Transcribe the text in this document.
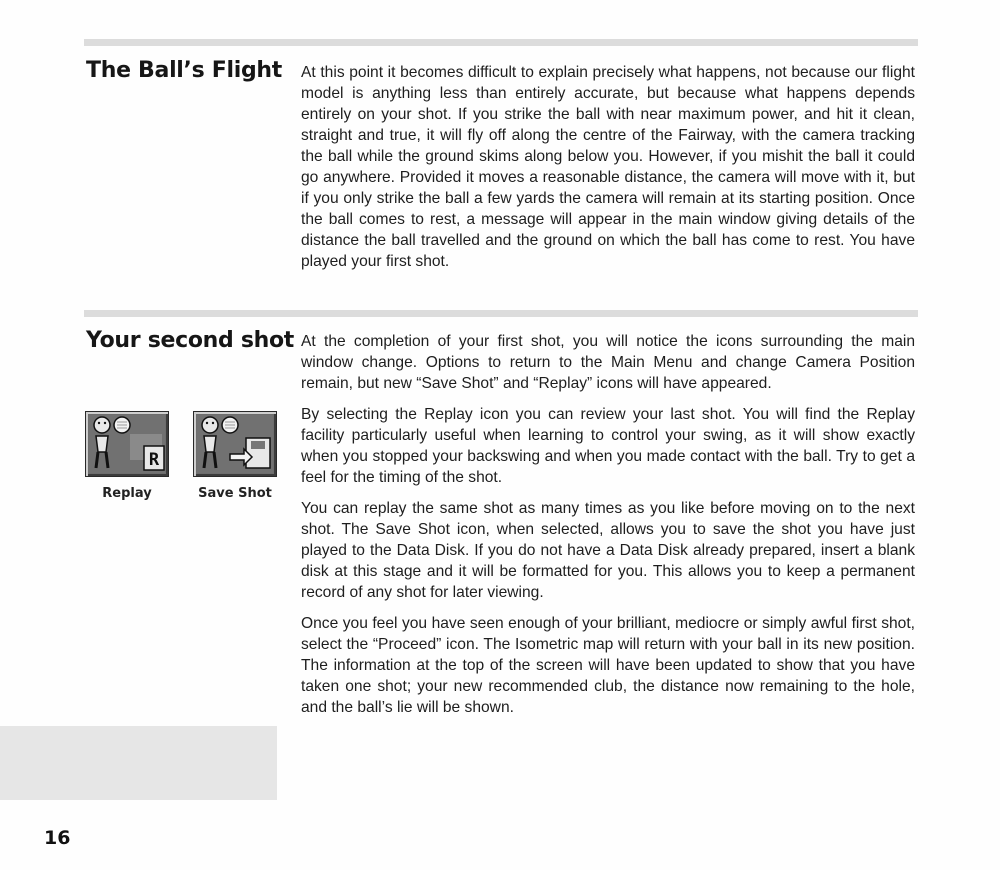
The Ball’s Flight At this point it becomes difficult to explain precisely what happens, not because our flight model is anything less than entirely accurate, but because what happens depends entirely on your shot. If you strike the ball with near maximum power, and hit it clean, straight and true, it will fly off along the centre of the Fairway, with the camera tracking the ball while the ground skims along below you. However, if you mishit the ball it could go anywhere. Provided it moves a reasonable distance, the camera will move with it, but if you only strike the ball a few yards the camera will remain at its starting position. Once the ball comes to rest, a message will appear in the main window giving details of the distance the ball travelled and the ground on which the ball has come to rest. You have played your first shot.

Your second shot At the completion of your first shot, you will notice the icons surrounding the main window change. Options to return to the Main Menu and change Camera Position remain, but new “Save Shot” and “Replay” icons will have appeared.

By selecting the Replay icon you can review your last shot. You will find the Replay facility particularly useful when learning to control your swing, as it will show exactly when you stopped your backswing and when you made contact with the ball. Try to get a feel for the timing of the shot.

You can replay the same shot as many times as you like before moving on to the next shot. The Save Shot icon, when selected, allows you to save the shot you have just played to the Data Disk. If you do not have a Data Disk already prepared, insert a blank disk at this stage and it will be formatted for you. This allows you to keep a permanent record of any shot for later viewing.

Once you feel you have seen enough of your brilliant, mediocre or simply awful first shot, select the “Proceed” icon. The Isometric map will return with your ball in its new position. The information at the top of the screen will have been updated to show that you have taken one shot; your new recommended club, the distance now remaining to the hole, and the ball’s lie will be shown.

R
Replay	Save Shot
16
